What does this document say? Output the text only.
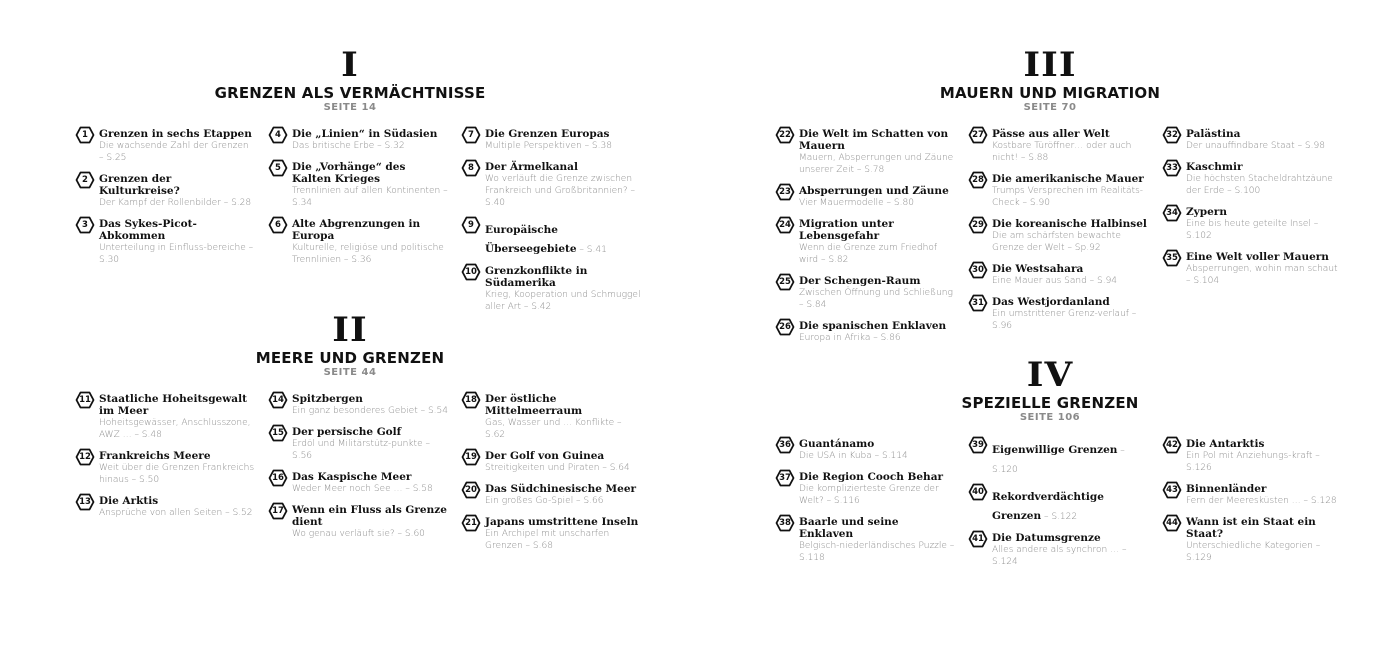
I
GRENZEN ALS VERMÄCHTNISSE
SEITE 14
1	Grenzen in sechs Etappen
Die wachsende Zahl der Grenzen – S.25
2	Grenzen der Kulturkreise?
Der Kampf der Rollenbilder – S.28
3	Das Sykes-Picot-Abkommen
Unterteilung in Einfluss-bereiche – S.30
4	Die „Linien“ in Südasien
Das britische Erbe – S.32
5	Die „Vorhänge“ des Kalten Krieges
Trennlinien auf allen Kontinenten – S.34
6	Alte Abgrenzungen in Europa
Kulturelle, religiöse und politische Trennlinien – S.36
7	Die Grenzen Europas
Multiple Perspektiven – S.38
8	Der Ärmelkanal
Wo verläuft die Grenze zwischen Frankreich und Großbritannien? – S.40
9	Europäische Überseegebiete – S.41
10 Grenzkonflikte in Südamerika
Krieg, Kooperation und Schmuggel aller Art – S.42
II
MEERE UND GRENZEN
SEITE 44
11 Staatliche Hoheitsgewalt im Meer
Hoheitsgewässer, Anschlusszone, AWZ … – S.48
12 Frankreichs Meere
Weit über die Grenzen Frankreichs hinaus – S.50
13 Die Arktis
Ansprüche von allen Seiten – S.52
14 Spitzbergen
Ein ganz besonderes Gebiet – S.54
15 Der persische Golf
Erdöl und Militärstütz-punkte – S.56
16 Das Kaspische Meer
Weder Meer noch See … – S.58
17 Wenn ein Fluss als Grenze dient
Wo genau verläuft sie? – S.60
18 Der östliche Mittelmeerraum
Gas, Wasser und … Konflikte – S.62
19 Der Golf von Guinea
Streitigkeiten und Piraten – S.64
20 Das Südchinesische Meer
Ein großes Go-Spiel – S.66
21 Japans umstrittene Inseln
Ein Archipel mit unscharfen Grenzen – S.68
III
MAUERN UND MIGRATION
SEITE 70
22 Die Welt im Schatten von Mauern
Mauern, Absperrungen und Zäune unserer Zeit – S.78
23 Absperrungen und Zäune
Vier Mauermodelle – S.80
24 Migration unter Lebensgefahr
Wenn die Grenze zum Friedhof wird – S.82
25 Der Schengen-Raum
Zwischen Öffnung und Schließung – S.84
26 Die spanischen Enklaven
Europa in Afrika – S.86
27 Pässe aus aller Welt
Kostbare Türöffner… oder auch nicht! – S.88
28 Die amerikanische Mauer
Trumps Versprechen im Realitäts-Check – S.90
29 Die koreanische Halbinsel
Die am schärfsten bewachte Grenze der Welt – Sp.92
30 Die Westsahara
Eine Mauer aus Sand – S.94
31 Das Westjordanland
Ein umstrittener Grenz-verlauf – S.96
32 Palästina
Der unauffindbare Staat – S.98
33 Kaschmir
Die höchsten Stacheldrahtzäune der Erde – S.100
34 Zypern
Eine bis heute geteilte Insel – S.102
35 Eine Welt voller Mauern
Absperrungen, wohin man schaut – S.104
IV
SPEZIELLE GRENZEN
SEITE 106
36 Guantánamo
Die USA in Kuba – S.114
37 Die Region Cooch Behar
Die komplizierteste Grenze der Welt? – S.116
38 Baarle und seine Enklaven
Belgisch-niederländisches Puzzle – S.118
39 Eigenwillige Grenzen – S.120
40 Rekordverdächtige Grenzen – S.122
41 Die Datumsgrenze
Alles andere als synchron … – S.124
42 Die Antarktis
Ein Pol mit Anziehungs-kraft – S.126
43 Binnenländer
Fern der Meeresküsten … – S.128
44 Wann ist ein Staat ein Staat?
Unterschiedliche Kategorien – S.129
